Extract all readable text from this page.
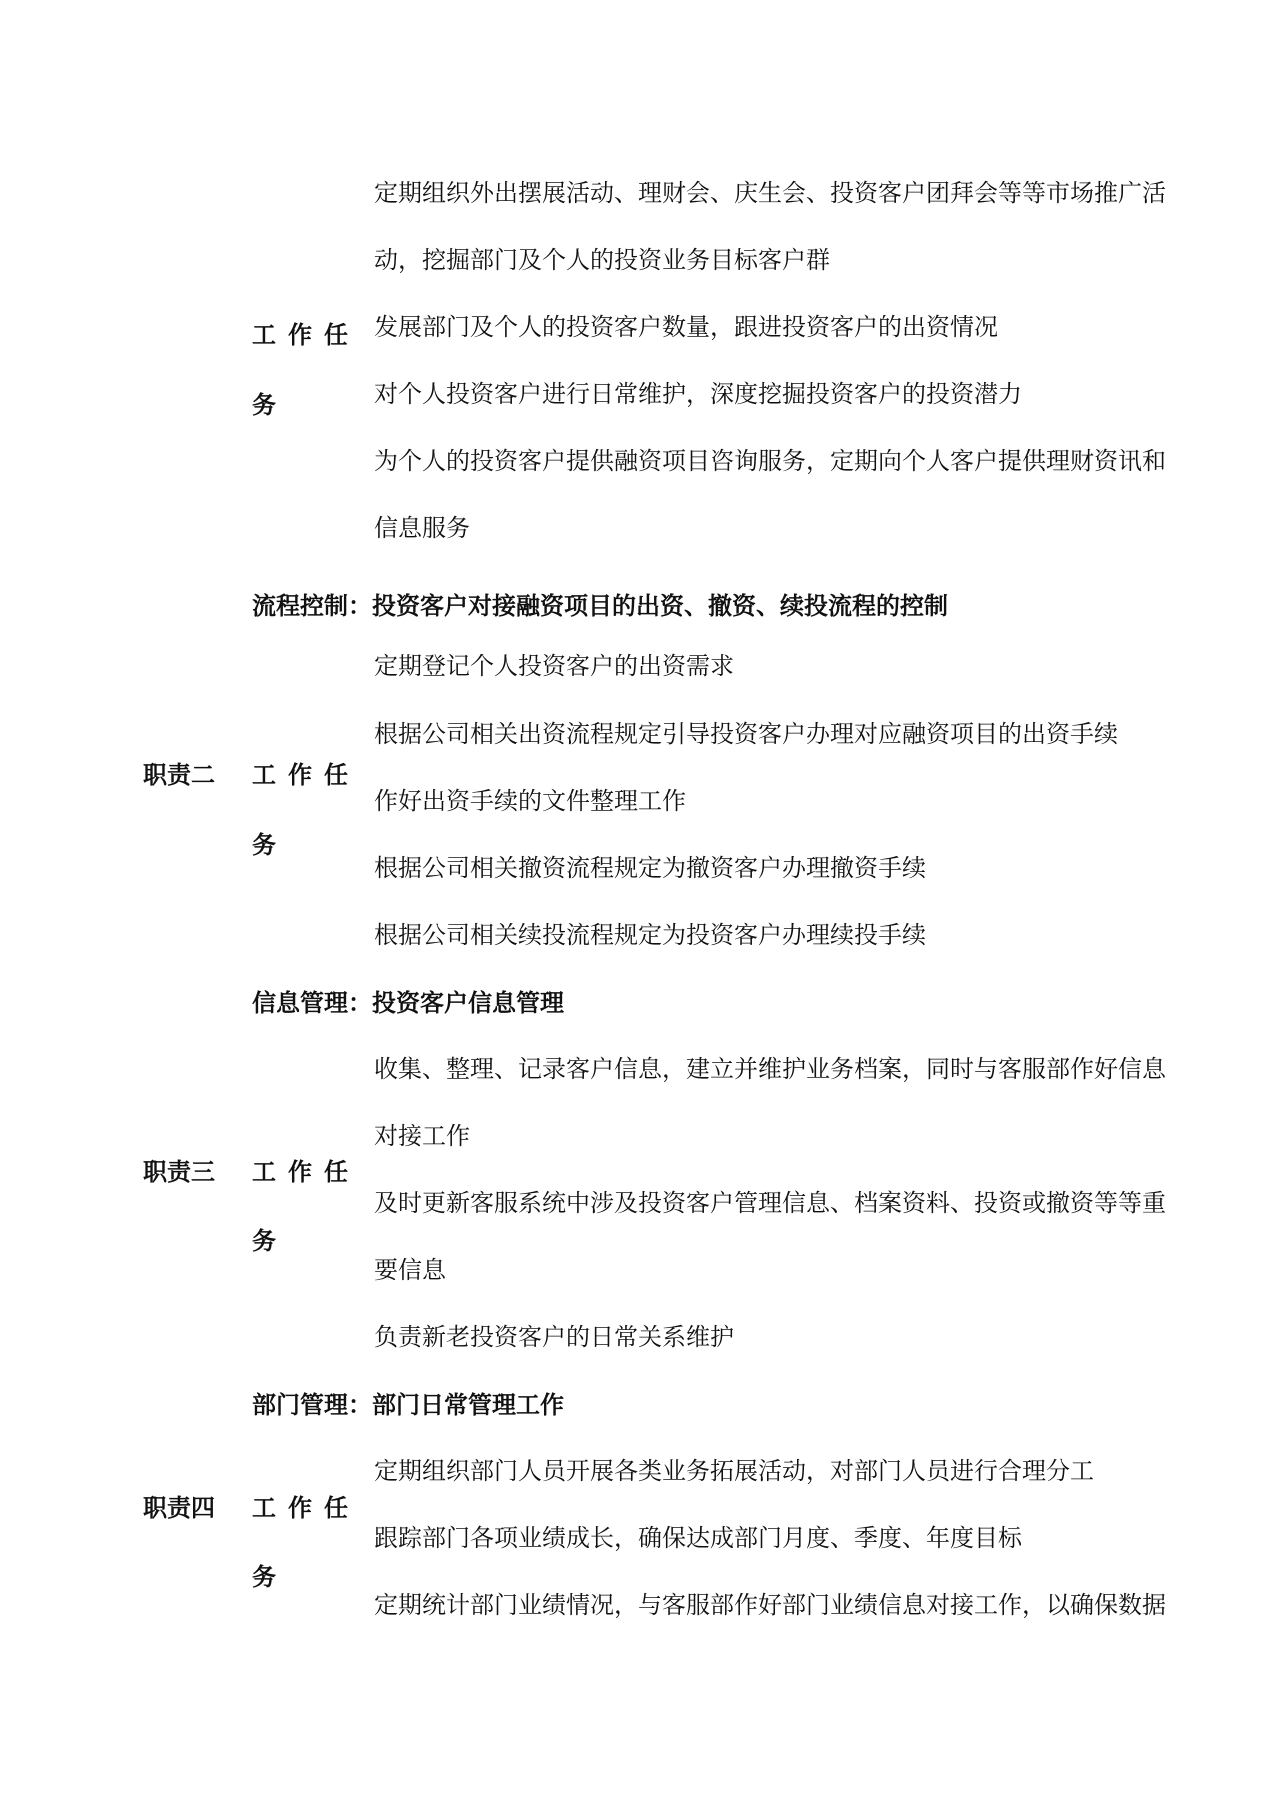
定期组织外出摆展活动、理财会、庆生会、投资客户团拜会等等市场推广活
动，挖掘部门及个人的投资业务目标客户群
工作任 发展部门及个人的投资客户数量，跟进投资客户的出资情况
对个人投资客户进行日常维护，深度挖掘投资客户的投资潜力
务
为个人的投资客户提供融资项目咨询服务，定期向个人客户提供理财资讯和
信息服务
流程控制：投资客户对接融资项目的出资、撤资、续投流程的控制
定期登记个人投资客户的出资需求
根据公司相关出资流程规定引导投资客户办理对应融资项目的出资手续
职责二 工作任
作好出资手续的文件整理工作
务
根据公司相关撤资流程规定为撤资客户办理撤资手续
根据公司相关续投流程规定为投资客户办理续投手续
信息管理：投资客户信息管理
收集、整理、记录客户信息，建立并维护业务档案，同时与客服部作好信息
对接工作
职责三 工作任
及时更新客服系统中涉及投资客户管理信息、档案资料、投资或撤资等等重
务
要信息
负责新老投资客户的日常关系维护
部门管理：部门日常管理工作
定期组织部门人员开展各类业务拓展活动，对部门人员进行合理分工
职责四 工作任
跟踪部门各项业绩成长，确保达成部门月度、季度、年度目标
务
定期统计部门业绩情况，与客服部作好部门业绩信息对接工作，以确保数据
